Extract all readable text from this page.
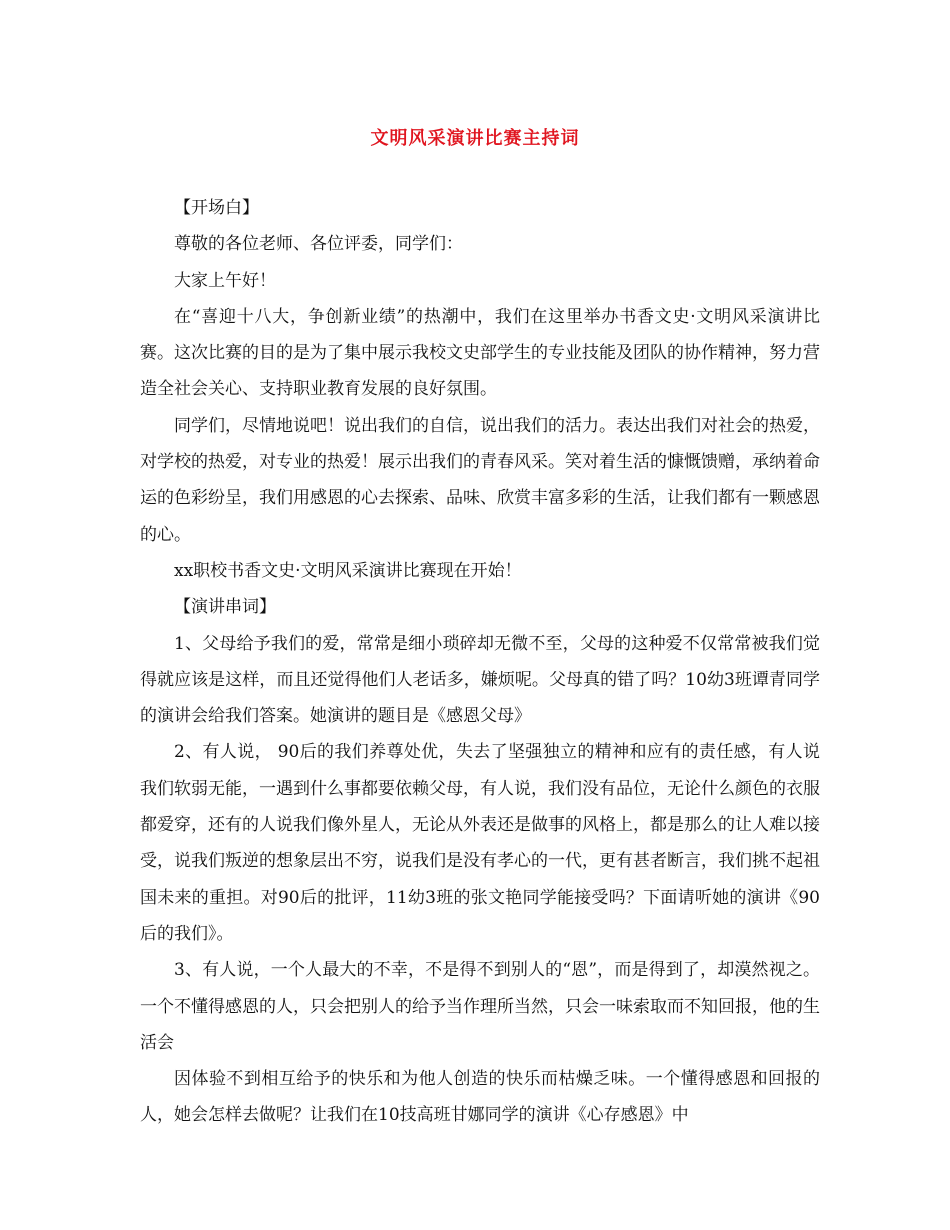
文明风采演讲比赛主持词

【开场白】

尊敬的各位老师、各位评委，同学们：

大家上午好！

在“喜迎十八大，争创新业绩”的热潮中，我们在这里举办书香文史·文明风采演讲比赛。这次比赛的目的是为了集中展示我校文史部学生的专业技能及团队的协作精神，努力营造全社会关心、支持职业教育发展的良好氛围。

同学们，尽情地说吧！说出我们的自信，说出我们的活力。表达出我们对社会的热爱，对学校的热爱，对专业的热爱！展示出我们的青春风采。笑对着生活的慷慨馈赠，承纳着命运的色彩纷呈，我们用感恩的心去探索、品味、欣赏丰富多彩的生活，让我们都有一颗感恩的心。

xx职校书香文史·文明风采演讲比赛现在开始！

【演讲串词】

1、父母给予我们的爱，常常是细小琐碎却无微不至，父母的这种爱不仅常常被我们觉得就应该是这样，而且还觉得他们人老话多，嫌烦呢。父母真的错了吗？10幼3班谭青同学的演讲会给我们答案。她演讲的题目是《感恩父母》

2、有人说， 90后的我们养尊处优，失去了坚强独立的精神和应有的责任感，有人说我们软弱无能，一遇到什么事都要依赖父母，有人说，我们没有品位，无论什么颜色的衣服都爱穿，还有的人说我们像外星人，无论从外表还是做事的风格上，都是那么的让人难以接受，说我们叛逆的想象层出不穷，说我们是没有孝心的一代，更有甚者断言，我们挑不起祖国未来的重担。对90后的批评，11幼3班的张文艳同学能接受吗？下面请听她的演讲《90后的我们》。

3、有人说，一个人最大的不幸，不是得不到别人的“恩”，而是得到了，却漠然视之。一个不懂得感恩的人，只会把别人的给予当作理所当然，只会一味索取而不知回报，他的生活会

因体验不到相互给予的快乐和为他人创造的快乐而枯燥乏味。一个懂得感恩和回报的人，她会怎样去做呢？让我们在10技高班甘娜同学的演讲《心存感恩》中
